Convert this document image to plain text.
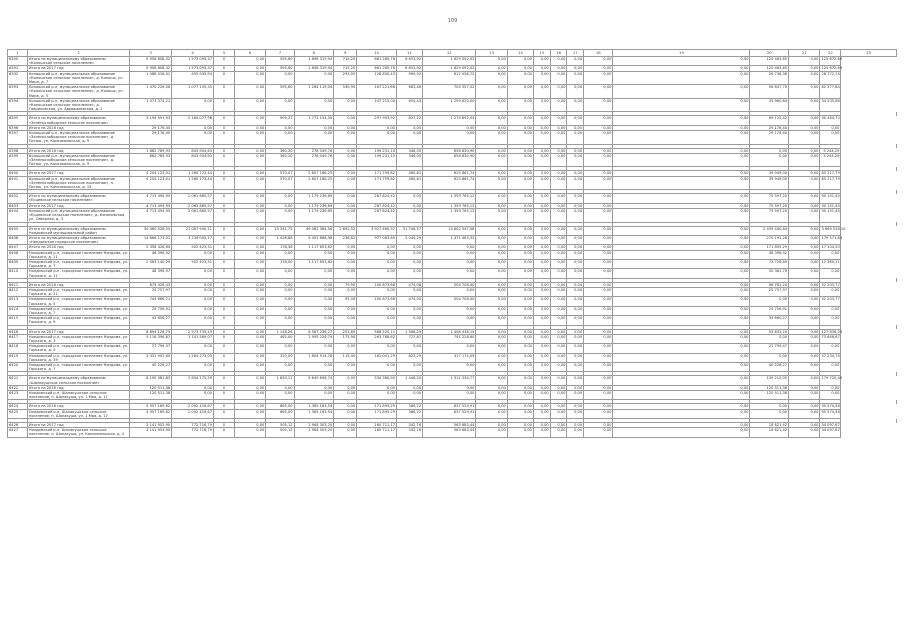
109
1	2	3	4	5	6	7	8	9	10	11	12	13	14	15	16	17	18	19	20	21	22	23
6390	Итого по муниципальному образованию «Коношское сельское поселение»	5 958 808,32	1 573 095,37	0	0,00	595,60	1 698 319,94	715,20	661 285,76	6 653,92	1 629 092,02	0,00	0,00	0,00	0,00	0,00	0,00	0,00	120 463,65	0,00	125 672,69	
6391	Итого на 2017 год	5 958 808,32	1 573 095,37	0	0,00	595,60	1 698 319,94	715,20	661 285,76	6 653,92	1 629 092,02	0,00	0,00	0,00	0,00	0,00	0,00	0,00	120 463,65	0,00	125 672,69	
6392	Коношский р-н, муниципальное образование «Коношское сельское поселение», д. Коношь, ул. Мира, д. 7	1 088 016,01	495 935,94	0	0,00	0,00	0,00	293,00	128 830,43	990,52	612 056,72	0,00	0,00	0,00	0,00	0,00	0,00	0,00	26 736,36	0,00	28 772,74	
6393	Коношский р-н, муниципальное образование «Коношское сельское поселение», д. Коношь, ул. Мира, д. 5	1 470 226,06	1 077 155,35	0	0,00	595,60	1 264 119,04	530,90	167 221,66	663,46	704 557,02	0,00	0,00	0,00	0,00	0,00	0,00	0,00	56 647,70	0,00	62 277,84	
6394	Коношский р-н, муниципальное образование «Коношское сельское поселение», д. Гавриловская, ул. Авраамиевская, д. 2	1 073 375,21	0,00	0	0,00	0,00	0,00	0,00	147 215,00	654,43	1 299 620,00	0,00	0,00	0,00	0,00	0,00	0,00	0,00	35 980,64	0,00	34 535,86	

6395	Итого по муниципальному образованию «Зелёнослободское сельское поселение»	3 194 991,93	2 184 077,96	0	0,00	909,27	1 772 154,00	0,00	297 993,92	827,22	1 274 692,04	0,00	0,00	0,00	0,00	0,00	0,00	0,00	69 125,42	0,00	90 464,72	
6396	Итого на 2016 год	29 176,40	0,00	0	0,00	0,00	0,00	0,00	0,00	0,00	0,00	0,00	0,00	0,00	0,00	0,00	0,00	0,00	29 176,40	0,00	0,00	
6397	Коношский р-н, муниципальное образование «Зелёнослободское сельское поселение», д. Поташ, ул. Комсомольская, д. 9	29 176,40	0,00	0	0,00	0,00	0,00	0,00	0,00	0,00	0,00	0,00	0,00	0,00	0,00	0,00	0,00	0,00	29 176,40	0,00	0,00	

6398	Итого на 2016 год	1 882 789,93	843 904,63	0	0,00	360,20	278 049,76	0,00	199 231,10	346,00	658 830,90	0,00	0,00	0,00	0,00	0,00	0,00	0,00	0,00	0,00	5 244,29	
6399	Коношский р-н, муниципальное образование «Зелёнослободское сельское поселение», д. Поташ, ул. Комсомольская, д. 9	882 789,93	843 904,63	0	0,00	360,20	278 049,76	0,00	199 231,10	346,00	658 830,90	0,00	0,00	0,00	0,00	0,00	0,00	0,00	0,00	0,00	5 244,29	

6400	Итого на 2017 год	4 204 123,01	1 260 173,44	0	0,00	570,07	2 807 186,25	0,00	171 759,82	480,61	625 861,74	0,00	0,00	0,00	0,00	0,00	0,00	0,00	39 949,00	0,00	85 217,79	
6401	Коношский р-н, муниципальное образование «Зелёнослободское сельское поселение», п. Поташ, ул. Комсомольская, д. 15	4 204 123,01	1 260 173,44	0	0,00	570,07	2 807 186,25	0,00	171 759,82	480,61	625 861,74	0,00	0,00	0,00	0,00	0,00	0,00	0,00	39 949,00	0,00	85 217,79	

6402	Итого по муниципальному образованию «Ерцевское сельское поселение»	4 713 494,95	2 061 865,57	0	0,00	0,00	1 179 236,69	0,00	287 824,42	0,00	1 359 765,12	0,00	0,00	0,00	0,00	0,00	0,00	0,00	75 597,20	0,00	90 151,45	
6403	Итого на 2017 год	4 713 494,95	2 061 865,57	0	0,00	0,00	1 179 236,69	0,00	287 824,42	0,00	1 359 765,12	0,00	0,00	0,00	0,00	0,00	0,00	0,00	75 597,20	0,00	90 151,45	
6404	Коношский р-н, муниципальное образование «Ерцевское сельское поселение», д. Кононовская, ул. Северная, д. 3	4 713 494,95	2 061 865,57	0	0,00	0,00	1 179 236,69	0,00	287 824,42	0,00	1 359 765,12	0,00	0,00	0,00	0,00	0,00	0,00	0,00	75 597,20	0,00	90 151,45	

6405	Итого по муниципальному образованию Няндомский муниципальный район	30 460 528,05	27 087 940,11	0	0,00	13 341,75	49 062 384,56	2 692,52	3 927 460,37	51 748,57	14 602 547,08	0,00	0,00	0,00	0,00	0,00	0,00	0,00	2 459 440,64	0,00	3 669 528,10	
6406	Итого по муниципальному образованию «Няндомское городское поселение»	14 666 173,01	3 230 005,17	0	0,00	1 426,88	5 491 868,98	236,62	977 063,65	2 049,29	1 471 463,32	0,00	0,00	0,00	0,00	0,00	0,00	0,00	270 191,28	0,00	179 571,83	
6407	Итого на 2016 год	2 358 428,60	502 423,31	0	0,00	178,36	1 117 653,62	0,00	0,00	0,00	0,00	0,00	0,00	0,00	0,00	0,00	0,00	0,00	171 895,29	0,00	17 104,55	
6408	Няндомский р-н, городское поселение Няндома, ул. Горького, д. 11	48 396,92	0,00	0	0,00	0,00	0,00	0,00	0,00	0,00	0,00	0,00	0,00	0,00	0,00	0,00	0,00	0,00	48 396,92	0,00	0,00	
6409	Няндомский р-н, городское поселение Няндома, ул. Горького, д. 7	2 063 140,29	502 423,31	0	0,00	178,00	1 117 653,62	0,00	0,00	0,00	0,00	0,00	0,00	0,00	0,00	0,00	0,00	0,00	72 728,89	0,00	12 380,21	
6410	Няндомский р-н, городское поселение Няндома, ул. Горького, д. 11	48 396,97	0,00	0	0,00	0,00	0,00	0,00	0,00	0,00	0,00	0,00	0,00	0,00	0,00	0,00	0,00	0,00	50 361,79	0,00	0,00	

6411	Итого на 2016 год	875 428,43	0,00	0	0,00	0,00	0,00	79,95	100 873,66	474,08	504 708,40	0,00	0,00	0,00	0,00	0,00	0,00	0,00	96 781,24	0,00	42 203,77	
6412	Няндомский р-н, городское поселение Няндома, ул. Горького, д. 11	25 757,97	0,00	0	0,00	0,00	0,00	0,00	0,00	0,00	0,00	0,00	0,00	0,00	0,00	0,00	0,00	0,00	25 757,97	0,00	0,00	
6413	Няндомский р-н, городское поселение Няндома, ул. Горького, д. 5	744 666,21	0,00	0	0,00	0,00	0,00	95,00	100 873,66	474,00	504 708,40	0,00	0,00	0,00	0,00	0,00	0,00	0,00	0,00	0,00	42 203,77	
6414	Няндомский р-н, городское поселение Няндома, ул. Горького, д. 7	25 756,91	0,00	0	0,00	0,00	0,00	0,00	0,00	0,00	0,00	0,00	0,00	0,00	0,00	0,00	0,00	0,00	25 756,91	0,00	0,00	
6415	Няндомский р-н, городское поселение Няндома, ул. Горького, д. 9	41 656,27	0,00	0	0,00	0,00	0,00	0,00	0,00	0,00	0,00	0,00	0,00	0,00	0,00	0,00	0,00	0,00	39 660,27	0,00	0,00	

6416	Итого на 2017 год	8 894 126,75	2 573 735,19	0	0,00	1 148,26	8 567 236,27	251,89	568 520,11	1 566,29	1 408 438,19	0,00	0,00	0,00	0,00	0,00	0,00	0,00	53 631,24	0,00	127 836,03	
6417	Няндомский р-н, городское поселение Няндома, ул. Горького, д. 3	5 116 396,87	1 101 589,07	0	0,00	462,00	2 995 226,74	175,90	263 788,62	727,87	791 228,60	0,00	0,00	0,00	0,00	0,00	0,00	0,00	0,00	0,00	73 648,67	
6418	Няндомский р-н, городское поселение Няндома, ул. Горького, д. 4	27 799,47	0,00	0	0,00	0,00	0,00	0,00	0,00	0,00	0,00	0,00	0,00	0,00	0,00	0,00	0,00	0,00	27 799,47	0,00	0,00	
6419	Няндомский р-н, городское поселение Няндома, ул. Горького, д. 39	3 431 902,60	1 264 273,05	0	0,00	320,00	1 804 914,78	115,40	162 041,29	823,29	417 174,09	0,00	0,00	0,00	0,00	0,00	0,00	0,00	0,00	0,00	47 234,74	
6420	Няндомский р-н, городское поселение Няндома, ул. Горького, д. 7	40 228,27	0,00	0	0,00	0,00	0,00	0,00	0,00	0,00	0,00	0,00	0,00	0,00	0,00	0,00	0,00	0,00	40 228,27	0,00	0,00	

6421	Итого по муниципальному образованию «Шалакушское сельское поселение»	8 190 381,83	2 854 175,59	0	0,00	1 650,12	5 649 696,74	0,00	534 380,90	1 446,20	1 311 334,77	0,00	0,00	0,00	0,00	0,00	0,00	0,00	139 215,00	0,00	179 725,45	
6422	Итого на 2016 год	120 511,38	0,00	0	0,00	0,00	0,00	0,00	0,00	0,00	0,00	0,00	0,00	0,00	0,00	0,00	0,00	0,00	120 511,38	0,00	0,00	
6423	Няндомский р-н, Шалакушское сельское поселение, п. Шалакуша, ул. 1 Мая, д. 17	120 511,38	0,00	0	0,00	0,00	0,00	0,00	0,00	0,00	0,00	0,00	0,00	0,00	0,00	0,00	0,00	0,00	120 511,38	0,00	0,00	

6424	Итого на 2016 год	4 957 169,62	2 002 416,67	0	0,00	865,00	1 365 163,54	0,00	171 895,29	366,72	637 529,91	0,00	0,00	0,00	0,00	0,00	0,00	0,00	0,00	0,00	95 574,58	
6425	Няндомский р-н, Шалакушское сельское поселение, п. Шалакуша, ул. 1 Мая, д. 17	4 957 169,62	2 002 416,67	0	0,00	865,00	1 365 163,54	0,00	171 895,29	366,72	637 529,91	0,00	0,00	0,00	0,00	0,00	0,00	0,00	0,00	0,00	95 574,58	

6426	Итого на 2017 год	3 141 953,90	772 716,79	0	0,00	505,12	1 964 303,20	0,00	160 711,17	342,16	563 683,44	0,00	0,00	0,00	0,00	0,00	0,00	0,00	18 621,42	0,00	34 097,67	
6427	Няндомский р-н, Шалакушское сельское поселение, п. Шалакуша, ул. Комсомольская, д. 4	3 141 953,90	772 716,79	0	0,00	505,12	1 964 303,20	0,00	160 711,17	342,16	563 683,44	0,00	0,00	0,00	0,00	0,00	0,00	0,00	18 621,42	0,00	34 097,67	
